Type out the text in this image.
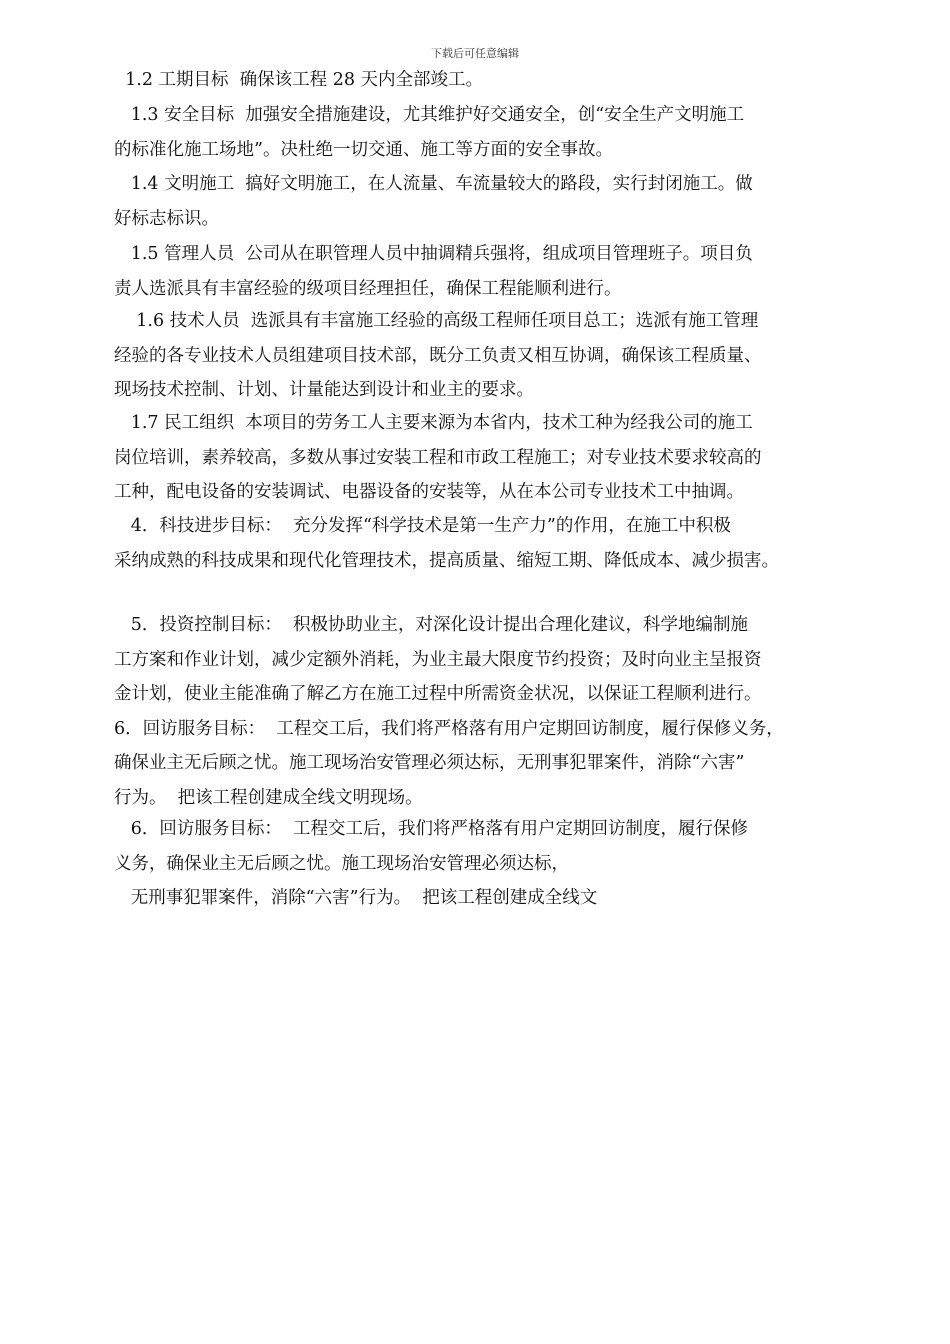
下载后可任意编辑

1.2 工期目标  确保该工程 28 天内全部竣工。

1.3 安全目标  加强安全措施建设，尤其维护好交通安全，创“安全生产文明施工
的标准化施工场地”。决杜绝一切交通、施工等方面的安全事故。

1.4 文明施工  搞好文明施工，在人流量、车流量较大的路段，实行封闭施工。做
好标志标识。

1.5 管理人员  公司从在职管理人员中抽调精兵强将，组成项目管理班子。项目负
责人选派具有丰富经验的级项目经理担任，确保工程能顺利进行。

1.6 技术人员  选派具有丰富施工经验的高级工程师任项目总工；选派有施工管理
经验的各专业技术人员组建项目技术部，既分工负责又相互协调，确保该工程质量、
现场技术控制、计划、计量能达到设计和业主的要求。

1.7 民工组织  本项目的劳务工人主要来源为本省内，技术工种为经我公司的施工
岗位培训，素养较高，多数从事过安装工程和市政工程施工；对专业技术要求较高的
工种，配电设备的安装调试、电器设备的安装等，从在本公司专业技术工中抽调。

4．科技进步目标：  充分发挥“科学技术是第一生产力”的作用，在施工中积极
采纳成熟的科技成果和现代化管理技术，提高质量、缩短工期、降低成本、减少损害。

5．投资控制目标：  积极协助业主，对深化设计提出合理化建议，科学地编制施
工方案和作业计划，减少定额外消耗，为业主最大限度节约投资；及时向业主呈报资
金计划，使业主能准确了解乙方在施工过程中所需资金状况，以保证工程顺利进行。
6．回访服务目标：  工程交工后，我们将严格落有用户定期回访制度，履行保修义务，
确保业主无后顾之忧。施工现场治安管理必须达标，无刑事犯罪案件，消除“六害”
行为。  把该工程创建成全线文明现场。

6．回访服务目标：  工程交工后，我们将严格落有用户定期回访制度，履行保修
义务，确保业主无后顾之忧。施工现场治安管理必须达标，
无刑事犯罪案件，消除“六害”行为。  把该工程创建成全线文
